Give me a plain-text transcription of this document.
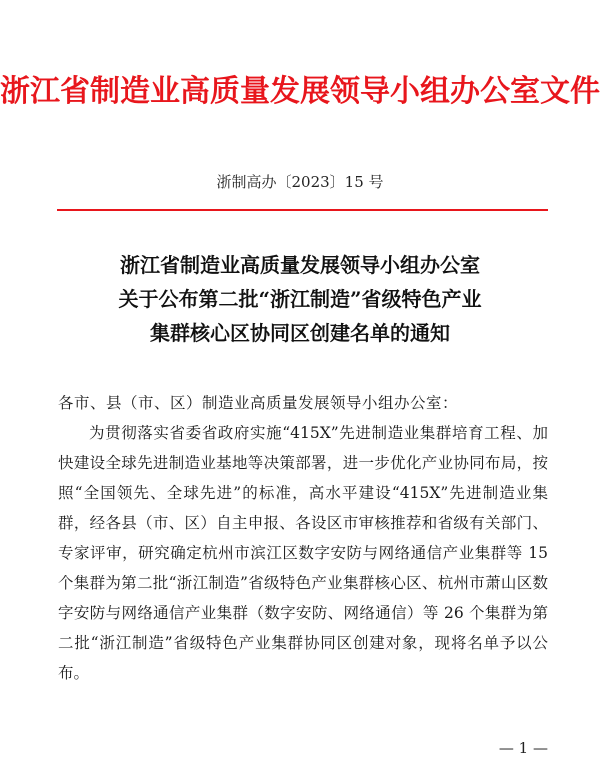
浙江省制造业高质量发展领导小组办公室文件
浙制高办〔2023〕15 号
浙江省制造业高质量发展领导小组办公室
关于公布第二批“浙江制造”省级特色产业
集群核心区协同区创建名单的通知
各市、县（市、区）制造业高质量发展领导小组办公室：
为贯彻落实省委省政府实施“415X”先进制造业集群培育工程、加快建设全球先进制造业基地等决策部署，进一步优化产业协同布局，按照“全国领先、全球先进”的标准，高水平建设“415X”先进制造业集群，经各县（市、区）自主申报、各设区市审核推荐和省级有关部门、专家评审，研究确定杭州市滨江区数字安防与网络通信产业集群等 15 个集群为第二批“浙江制造”省级特色产业集群核心区、杭州市萧山区数字安防与网络通信产业集群（数字安防、网络通信）等 26 个集群为第二批“浙江制造”省级特色产业集群协同区创建对象，现将名单予以公布。
— 1 —
